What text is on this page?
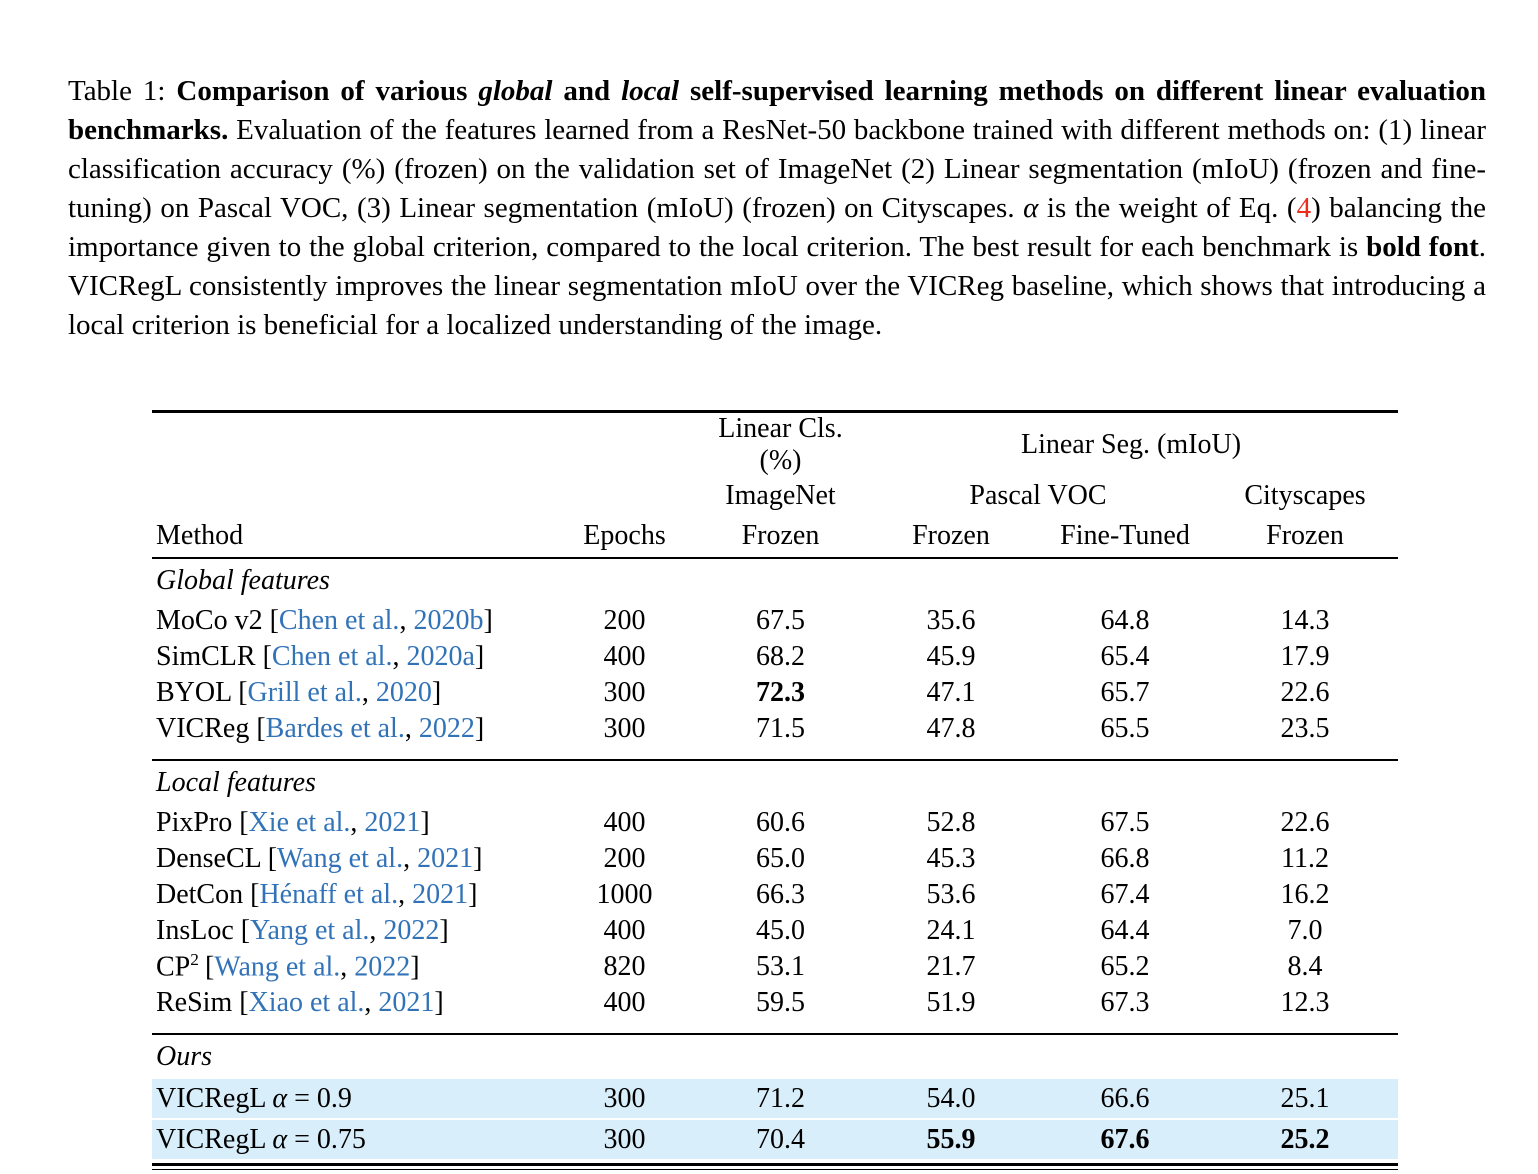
Table 1: Comparison of various global and local self-supervised learning methods on different linear evaluation benchmarks. Evaluation of the features learned from a ResNet-50 backbone trained with different methods on: (1) linear classification accuracy (%) (frozen) on the validation set of ImageNet (2) Linear segmentation (mIoU) (frozen and fine-tuning) on Pascal VOC, (3) Linear segmentation (mIoU) (frozen) on Cityscapes. α is the weight of Eq. (4) balancing the importance given to the global criterion, compared to the local criterion. The best result for each benchmark is bold font. VICRegL consistently improves the linear segmentation mIoU over the VICReg baseline, which shows that introducing a local criterion is beneficial for a localized understanding of the image.

		Linear Cls. (%)	Linear Seg. (mIoU)		
		ImageNet	Pascal VOC		Cityscapes
Method	Epochs	Frozen	Frozen	Fine-Tuned	Frozen
Global features					
MoCo v2 [Chen et al., 2020b]	200	67.5	35.6	64.8	14.3
SimCLR [Chen et al., 2020a]	400	68.2	45.9	65.4	17.9
BYOL [Grill et al., 2020]	300	72.3	47.1	65.7	22.6
VICReg [Bardes et al., 2022]	300	71.5	47.8	65.5	23.5
Local features					
PixPro [Xie et al., 2021]	400	60.6	52.8	67.5	22.6
DenseCL [Wang et al., 2021]	200	65.0	45.3	66.8	11.2
DetCon [Hénaff et al., 2021]	1000	66.3	53.6	67.4	16.2
InsLoc [Yang et al., 2022]	400	45.0	24.1	64.4	7.0
$CP^2$ [Wang et al., 2022]	820	53.1	21.7	65.2	8.4
ReSim [Xiao et al., 2021]	400	59.5	51.9	67.3	12.3
Ours					
VICRegL α = 0.9	300	71.2	54.0	66.6	25.1
VICRegL α = 0.75	300	70.4	55.9	67.6	25.2
